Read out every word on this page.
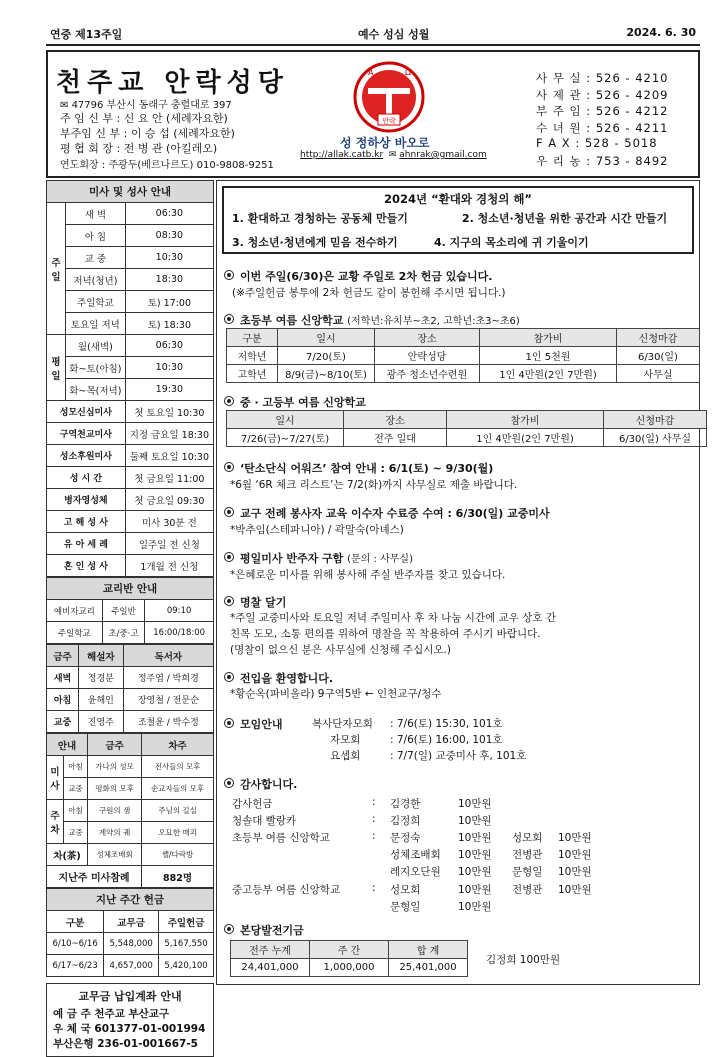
연중 제13주일	예수 성심 성월	2024. 6. 30
천주교 안락성당
✉ 47796 부산시 동래구 충렬대로 397
주 임 신 부 : 신 요 안 (세례자요한)
부주임 신 부 : 이 승 섭 (세례자요한)
평 협 회 장 : 전 병 관 (아킬레오)
연도회장 : 주광두(베르나르도) 010-9808-9251
안락
A	Ω
성 정하상 바오로
http://allak.catb.kr  ✉ ahnrak@gmail.com
사 무 실 : 526 - 4210
사 제 관 : 526 - 4209
부 주 임 : 526 - 4212
수 녀 원 : 526 - 4211
F A X : 528 - 5018
우 리 농 : 753 - 8492
미사 및 성사 안내		
주일	새 벽	06:30
	아 침	08:30
	교 중	10:30
	저녁(청년)	18:30
	주일학교	토) 17:00
	토요일 저녁	토) 18:30
평일	월(새벽)	06:30
	화~토(아침)	10:30
	화~목(저녁)	19:30
성모신심미사		첫 토요일 10:30
구역천교미사		지정 금요일 18:30
성소후원미사		둘째 토요일 10:30
성 시 간		첫 금요일 11:00
병자영성체		첫 금요일 09:30
고 해 성 사		미사 30분 전
유 아 세 례		일주일 전 신청
혼 인 성 사		1개월 전 신청
교리반 안내		
예비자교리	주일반	09:10
주일학교	초/중·고	16:00/18:00
금주	해설자	독서자
새벽	정경분	정주엽 / 박희경
아침	윤해인	장영철 / 전문순
교중	진영주	조철윤 / 박수정
안내		금주	차주
미사	아침	가나의 성모	전사들의 모후
	교중	평화의 모후	순교자들의 모후
주차	아침	구원의 샘	주님의 길실
	교중	계약의 궤	오묘한 매괴
차(茶)		성체조배회	쌜/다락방
지난주 미사참례			882명
지난 주간 헌금		
구분	교무금	주일헌금
6/10~6/16	5,548,000	5,167,550
6/17~6/23	4,657,000	5,420,100
교무금 납입계좌 안내
예 금 주 천주교 부산교구
우 체 국 601377-01-001994
부산은행 236-01-001667-5
2024년 “환대와 경청의 해”
1. 환대하고 경청하는 공동체 만들기	2. 청소년·청년을 위한 공간과 시간 만들기
3. 청소년·청년에게 믿음 전수하기	4. 지구의 목소리에 귀 기울이기
이번 주일(6/30)은 교황 주일로 2차 헌금 있습니다.
(※주일헌금 봉투에 2차 헌금도 같이 봉헌해 주시면 됩니다.)
초등부 여름 신앙학교 (저학년:유치부~초2, 고학년:초3~초6)
구분	일시	장소	참가비	신청마감
저학년	7/20(토)	안락성당	1인 5천원	6/30(일)
고학년	8/9(금)~8/10(토)	광주 청소년수련원	1인 4만원(2인 7만원)	사무실
중 · 고등부 여름 신앙학교
일시	장소	참가비	신청마감
7/26(금)~7/27(토)	전주 일대	1인 4만원(2인 7만원)	6/30(일) 사무실
‘탄소단식 어워즈’ 참여 안내 : 6/1(토) ~ 9/30(월)
*6월 ‘6R 체크 리스트’는 7/2(화)까지 사무실로 제출 바랍니다.
교구 전례 봉사자 교육 이수자 수료증 수여 : 6/30(일) 교중미사
*박추임(스테파니아) / 곽말숙(아녜스)
평일미사 반주자 구함 (문의 : 사무실)
*은혜로운 미사를 위해 봉사해 주실 반주자를 찾고 있습니다.
명찰 달기
*주일 교중미사와 토요일 저녁 주일미사 후 차 나눔 시간에 교우 상호 간
친목 도모, 소통 편의를 위하여 명찰을 꼭 착용하여 주시기 바랍니다.
(명찰이 없으신 분은 사무실에 신청해 주십시오.)
전입을 환영합니다.
*황순옥(파비올라) 9구역5반 ← 인천교구/청수
모임안내	복사단자모회 : 7/6(토) 15:30, 101호
자모회	: 7/6(토) 16:00, 101호
요셉회	: 7/7(일) 교중미사 후, 101호
감사합니다.
감사헌금	: 김경한	10만원
청솔대 빨랑카	: 김정희	10만원
초등부 여름 신앙학교	: 문정숙	10만원 성모회 10만원
성체조배회 10만원 전병관 10만원
레지오단원 10만원 문형일 10만원
중고등부 여름 신앙학교	: 성모회	10만원 전병관 10만원
문형일	10만원
본당발전기금
전주 누계	주 간	합 계
24,401,000	1,000,000	25,401,000
김정희 100만원
